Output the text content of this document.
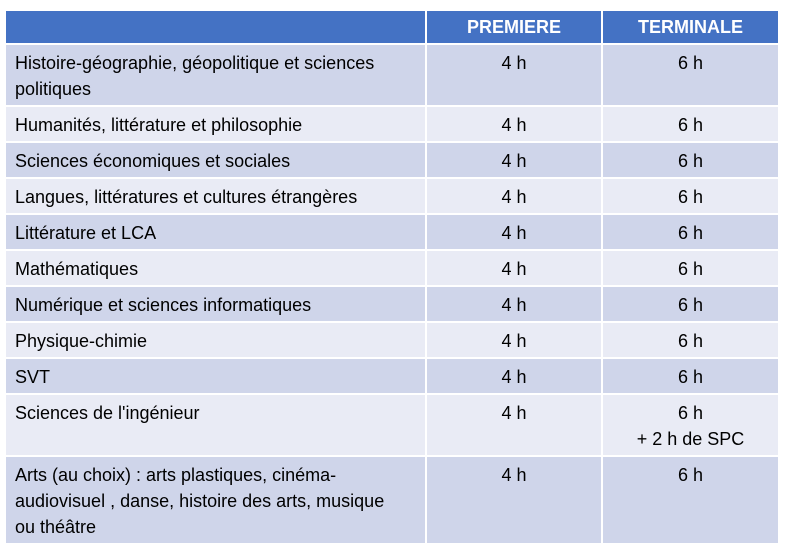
	PREMIERE	TERMINALE

Histoire-géographie, géopolitique et sciences
politiques	4 h	6 h

Humanités, littérature et philosophie	4 h	6 h

Sciences économiques et sociales	4 h	6 h

Langues, littératures et cultures étrangères	4 h	6 h

Littérature et LCA	4 h	6 h

Mathématiques	4 h	6 h

Numérique et sciences informatiques	4 h	6 h

Physique-chimie	4 h	6 h

SVT	4 h	6 h

Sciences de l'ingénieur	4 h	6 h
+ 2 h de SPC

Arts (au choix) : arts plastiques, cinéma-
audiovisuel , danse, histoire des arts, musique
ou théâtre	4 h	6 h
